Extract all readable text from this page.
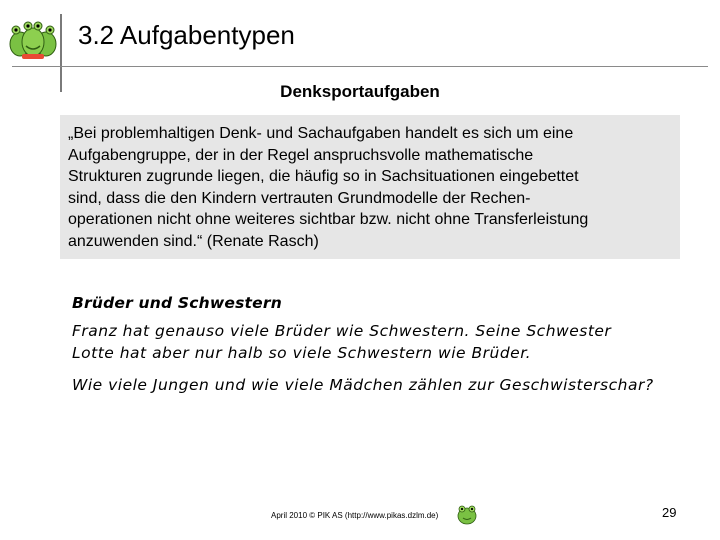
3.2 Aufgabentypen
Denksportaufgaben
„Bei problemhaltigen Denk- und Sachaufgaben handelt es sich um eine
Aufgabengruppe, der in der Regel anspruchsvolle mathematische
Strukturen zugrunde liegen, die häufig so in Sachsituationen eingebettet
sind, dass die den Kindern vertrauten Grundmodelle der Rechen-
operationen nicht ohne weiteres sichtbar bzw. nicht ohne Transferleistung
anzuwenden sind.“ (Renate Rasch)
Brüder und Schwestern
Franz hat genauso viele Brüder wie Schwestern. Seine Schwester
Lotte hat aber nur halb so viele Schwestern wie Brüder.
Wie viele Jungen und wie viele Mädchen zählen zur Geschwisterschar?
April 2010 © PIK AS (http://www.pikas.dzlm.de)	29
